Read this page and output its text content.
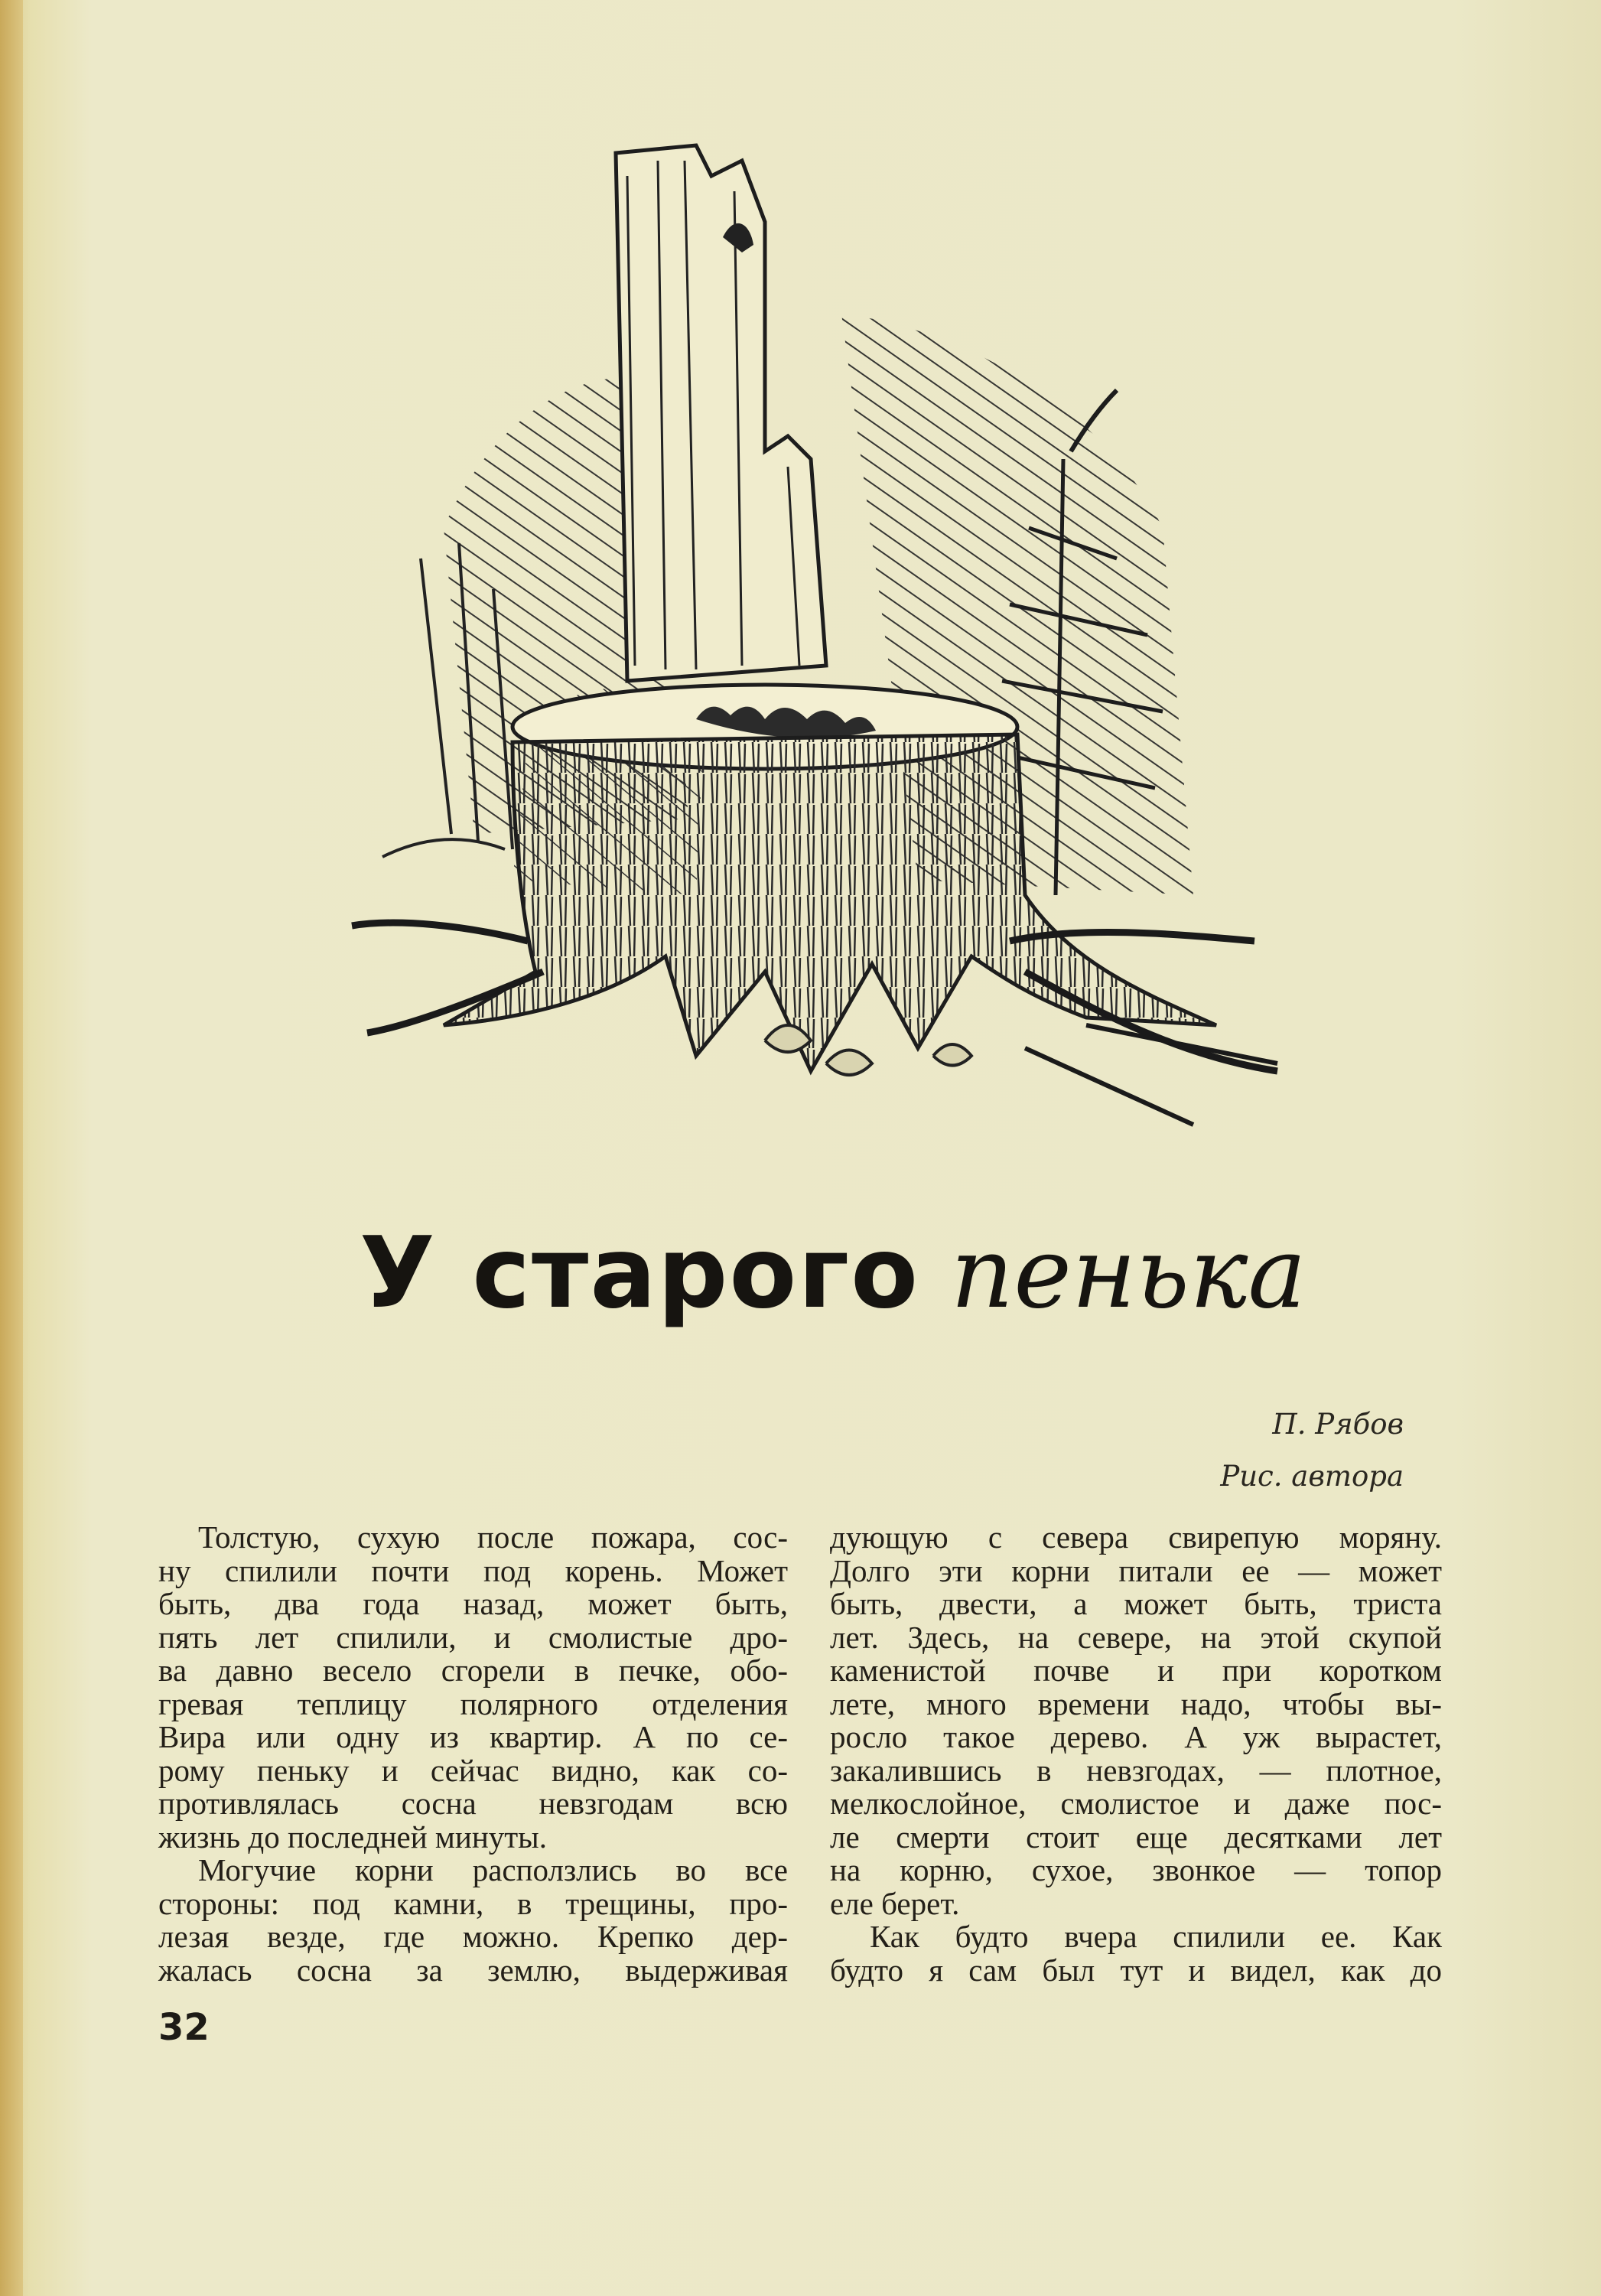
У старого пенька
П. Рябов
Рис. автора
Толстую, сухую после пожара, сос-
ну спилили почти под корень. Может
быть, два года назад, может быть,
пять лет спилили, и смолистые дро-
ва давно весело сгорели в печке, обо-
гревая теплицу полярного отделения
Вира или одну из квартир. А по се-
рому пеньку и сейчас видно, как со-
противлялась сосна невзгодам всю
жизнь до последней минуты.
Могучие корни расползлись во все
стороны: под камни, в трещины, про-
лезая везде, где можно. Крепко дер-
жалась сосна за землю, выдерживая
дующую с севера свирепую моряну.
Долго эти корни питали ее — может
быть, двести, а может быть, триста
лет. Здесь, на севере, на этой скупой
каменистой почве и при коротком
лете, много времени надо, чтобы вы-
росло такое дерево. А уж вырастет,
закалившись в невзгодах, — плотное,
мелкослойное, смолистое и даже пос-
ле смерти стоит еще десятками лет
на корню, сухое, звонкое — топор
еле берет.
Как будто вчера спилили ее. Как
будто я сам был тут и видел, как до
32
